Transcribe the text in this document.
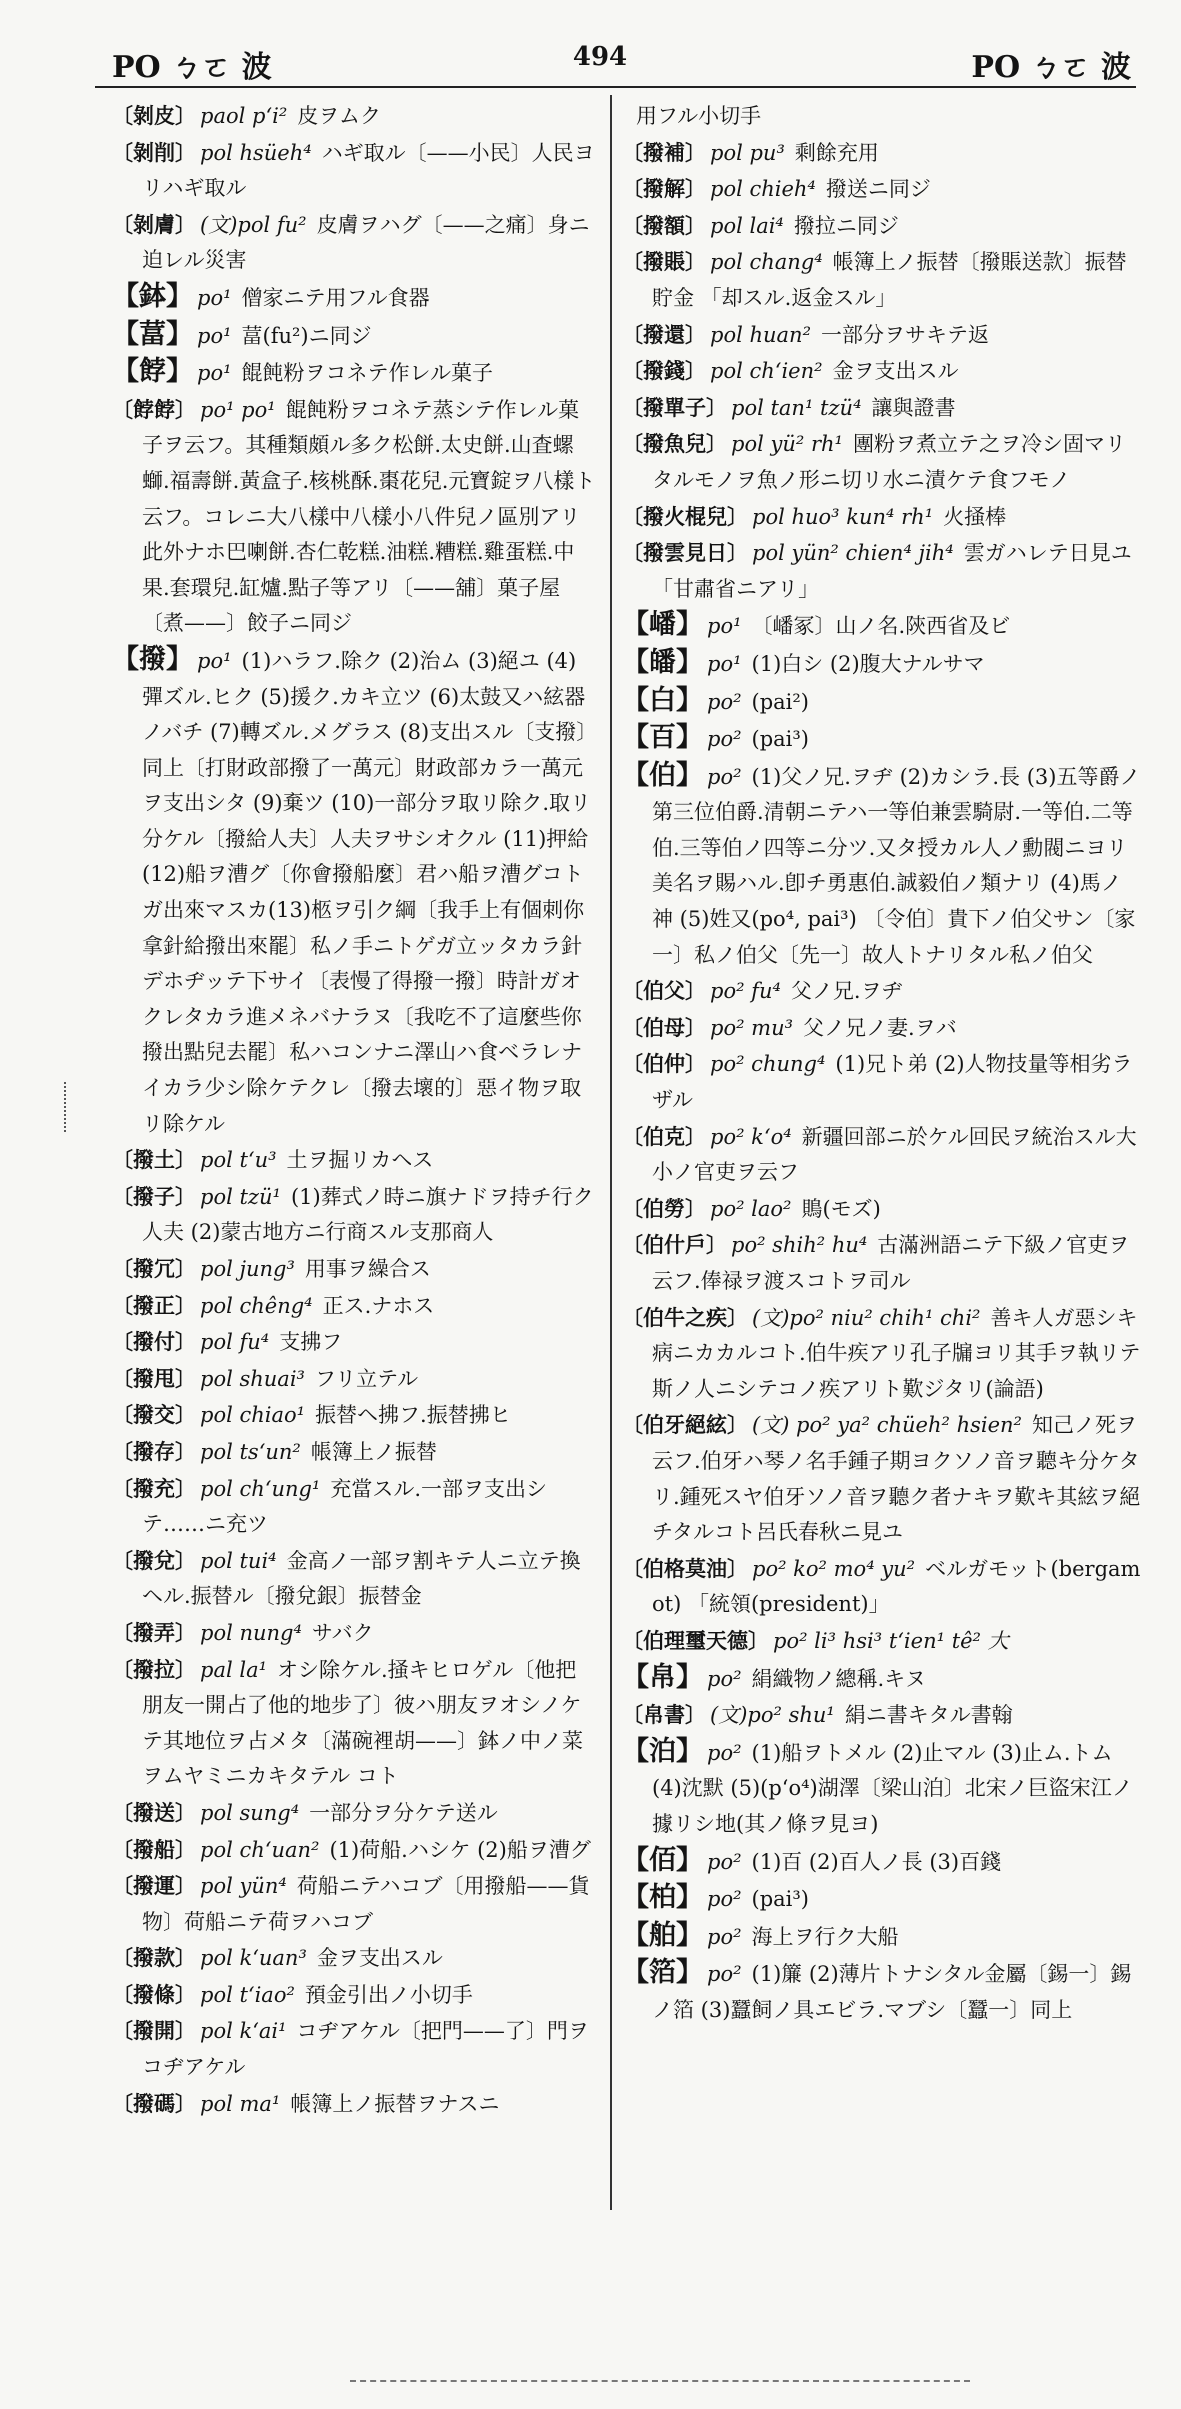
PO ㄅㄛ 波	494	PO ㄅㄛ 波

〔剝皮〕 paol pʻi² 皮ヲムク

〔剝削〕 pol hsüeh⁴ ハギ取ル〔——小民〕人民ヨリハギ取ル

〔剝膚〕 (文)pol fu² 皮膚ヲハグ〔——之痛〕身ニ迫レル災害

【鉢】 po¹ 僧家ニテ用フル食器

【葍】 po¹ 葍(fu²)ニ同ジ

【餑】 po¹ 餛飩粉ヲコネテ作レル菓子

〔餑餑〕 po¹ po¹ 餛飩粉ヲコネテ蒸シテ作レル菓子ヲ云フ。其種類頗ル多ク松餅.太史餅.山査螺螄.福壽餅.黃盒子.核桃酥.棗花兒.元寶錠ヲ八樣ト云フ。コレニ大八樣中八樣小八件兒ノ區別アリ此外ナホ巴喇餅.杏仁乾糕.油糕.糟糕.雞蛋糕.中果.套環兒.缸爐.點子等アリ〔——舖〕菓子屋〔煮——〕餃子ニ同ジ

【撥】 po¹ (1)ハラフ.除ク (2)治ム (3)絕ユ (4)彈ズル.ヒク (5)援ク.カキ立ツ (6)太鼓又ハ絃器ノバチ (7)轉ズル.メグラス (8)支出スル〔支撥〕同上〔打財政部撥了一萬元〕財政部カラ一萬元ヲ支出シタ (9)棄ツ (10)一部分ヲ取リ除ク.取リ分ケル〔撥給人夫〕人夫ヲサシオクル (11)押給 (12)船ヲ漕グ〔你會撥船麼〕君ハ船ヲ漕グコトガ出來マスカ(13)柩ヲ引ク綱〔我手上有個刺你拿針給撥出來罷〕私ノ手ニトゲガ立ッタカラ針デホヂッテ下サイ〔表慢了得撥一撥〕時計ガオクレタカラ進メネバナラヌ〔我吃不了這麼些你撥出點兒去罷〕私ハコンナニ澤山ハ食ベラレナイカラ少シ除ケテクレ〔撥去壞的〕惡イ物ヲ取リ除ケル

〔撥土〕 pol tʻu³ 土ヲ掘リカヘス

〔撥子〕 pol tzü¹ (1)葬式ノ時ニ旗ナドヲ持チ行ク人夫 (2)蒙古地方ニ行商スル支那商人

〔撥冗〕 pol jung³ 用事ヲ繰合ス

〔撥正〕 pol chêng⁴ 正ス.ナホス

〔撥付〕 pol fu⁴ 支拂フ

〔撥甩〕 pol shuai³ フリ立テル

〔撥交〕 pol chiao¹ 振替ヘ拂フ.振替拂ヒ

〔撥存〕 pol tsʻun² 帳簿上ノ振替

〔撥充〕 pol chʻung¹ 充當スル.一部ヲ支出シテ……ニ充ツ

〔撥兌〕 pol tui⁴ 金高ノ一部ヲ割キテ人ニ立テ換ヘル.振替ル〔撥兌銀〕振替金

〔撥弄〕 pol nung⁴ サバク

〔撥拉〕 pal la¹ オシ除ケル.掻キヒロゲル〔他把朋友一開占了他的地步了〕彼ハ朋友ヲオシノケテ其地位ヲ占メタ〔滿碗裡胡——〕鉢ノ中ノ菜ヲムヤミニカキタテル コト

〔撥送〕 pol sung⁴ 一部分ヲ分ケテ送ル

〔撥船〕 pol chʻuan² (1)荷船.ハシケ (2)船ヲ漕グ

〔撥運〕 pol yün⁴ 荷船ニテハコブ〔用撥船——貨物〕荷船ニテ荷ヲハコブ

〔撥款〕 pol kʻuan³ 金ヲ支出スル

〔撥條〕 pol tʻiao² 預金引出ノ小切手

〔撥開〕 pol kʻai¹ コヂアケル〔把門——了〕門ヲコヂアケル

〔撥碼〕 pol ma¹ 帳簿上ノ振替ヲナスニ

用フル小切手

〔撥補〕 pol pu³ 剩餘充用

〔撥解〕 pol chieh⁴ 撥送ニ同ジ

〔撥額〕 pol lai⁴ 撥拉ニ同ジ

〔撥賬〕 pol chang⁴ 帳簿上ノ振替〔撥賬送款〕振替貯金 「却スル.返金スル」

〔撥還〕 pol huan² 一部分ヲサキテ返

〔撥錢〕 pol chʻien² 金ヲ支出スル

〔撥單子〕 pol tan¹ tzü⁴ 讓與證書

〔撥魚兒〕 pol yü² rh¹ 團粉ヲ煮立テ之ヲ冷シ固マリタルモノヲ魚ノ形ニ切リ水ニ漬ケテ食フモノ

〔撥火棍兒〕 pol huo³ kun⁴ rh¹ 火掻棒

〔撥雲見日〕 pol yün² chien⁴ jih⁴ 雲ガハレテ日見ユ 「甘肅省ニアリ」

【嶓】 po¹ 〔嶓冢〕山ノ名.陝西省及ビ

【皤】 po¹ (1)白シ (2)腹大ナルサマ

【白】 po² (pai²)

【百】 po² (pai³)

【伯】 po² (1)父ノ兄.ヲヂ (2)カシラ.長 (3)五等爵ノ第三位伯爵.清朝ニテハ一等伯兼雲騎尉.一等伯.二等伯.三等伯ノ四等ニ分ツ.又タ授カル人ノ勳閥ニヨリ美名ヲ賜ハル.卽チ勇惠伯.誠毅伯ノ類ナリ (4)馬ノ神 (5)姓又(po⁴, pai³) 〔令伯〕貴下ノ伯父サン〔家一〕私ノ伯父〔先一〕故人トナリタル私ノ伯父

〔伯父〕 po² fu⁴ 父ノ兄.ヲヂ

〔伯母〕 po² mu³ 父ノ兄ノ妻.ヲバ

〔伯仲〕 po² chung⁴ (1)兄ト弟 (2)人物技量等相劣ラザル

〔伯克〕 po² kʻo⁴ 新疆回部ニ於ケル回民ヲ統治スル大小ノ官吏ヲ云フ

〔伯勞〕 po² lao² 鵙(モズ)

〔伯什戶〕 po² shih² hu⁴ 古滿洲語ニテ下級ノ官吏ヲ云フ.俸禄ヲ渡スコトヲ司ル

〔伯牛之疾〕 (文)po² niu² chih¹ chi² 善キ人ガ惡シキ病ニカカルコト.伯牛疾アリ孔子牖ヨリ其手ヲ執リテ斯ノ人ニシテコノ疾アリト歎ジタリ(論語)

〔伯牙絕絃〕 (文) po² ya² chüeh² hsien² 知己ノ死ヲ云フ.伯牙ハ琴ノ名手鍾子期ヨクソノ音ヲ聽キ分ケタリ.鍾死スヤ伯牙ソノ音ヲ聽ク者ナキヲ歎キ其絃ヲ絕チタルコト呂氏春秋ニ見ユ

〔伯格莫油〕 po² ko² mo⁴ yu² ベルガモット(bergamot) 「統領(president)」

〔伯理璽天德〕 po² li³ hsi³ tʻien¹ tê² 大

【帛】 po² 絹織物ノ總稱.キヌ

〔帛書〕 (文)po² shu¹ 絹ニ書キタル書翰

【泊】 po² (1)船ヲトメル (2)止マル (3)止ム.トム (4)沈默 (5)(pʻo⁴)湖澤〔梁山泊〕北宋ノ巨盜宋江ノ據リシ地(其ノ條ヲ見ヨ)

【佰】 po² (1)百 (2)百人ノ長 (3)百錢

【柏】 po² (pai³)

【舶】 po² 海上ヲ行ク大船

【箔】 po² (1)簾 (2)薄片トナシタル金屬〔錫一〕錫ノ箔 (3)蠶飼ノ具エビラ.マブシ〔蠶一〕同上
